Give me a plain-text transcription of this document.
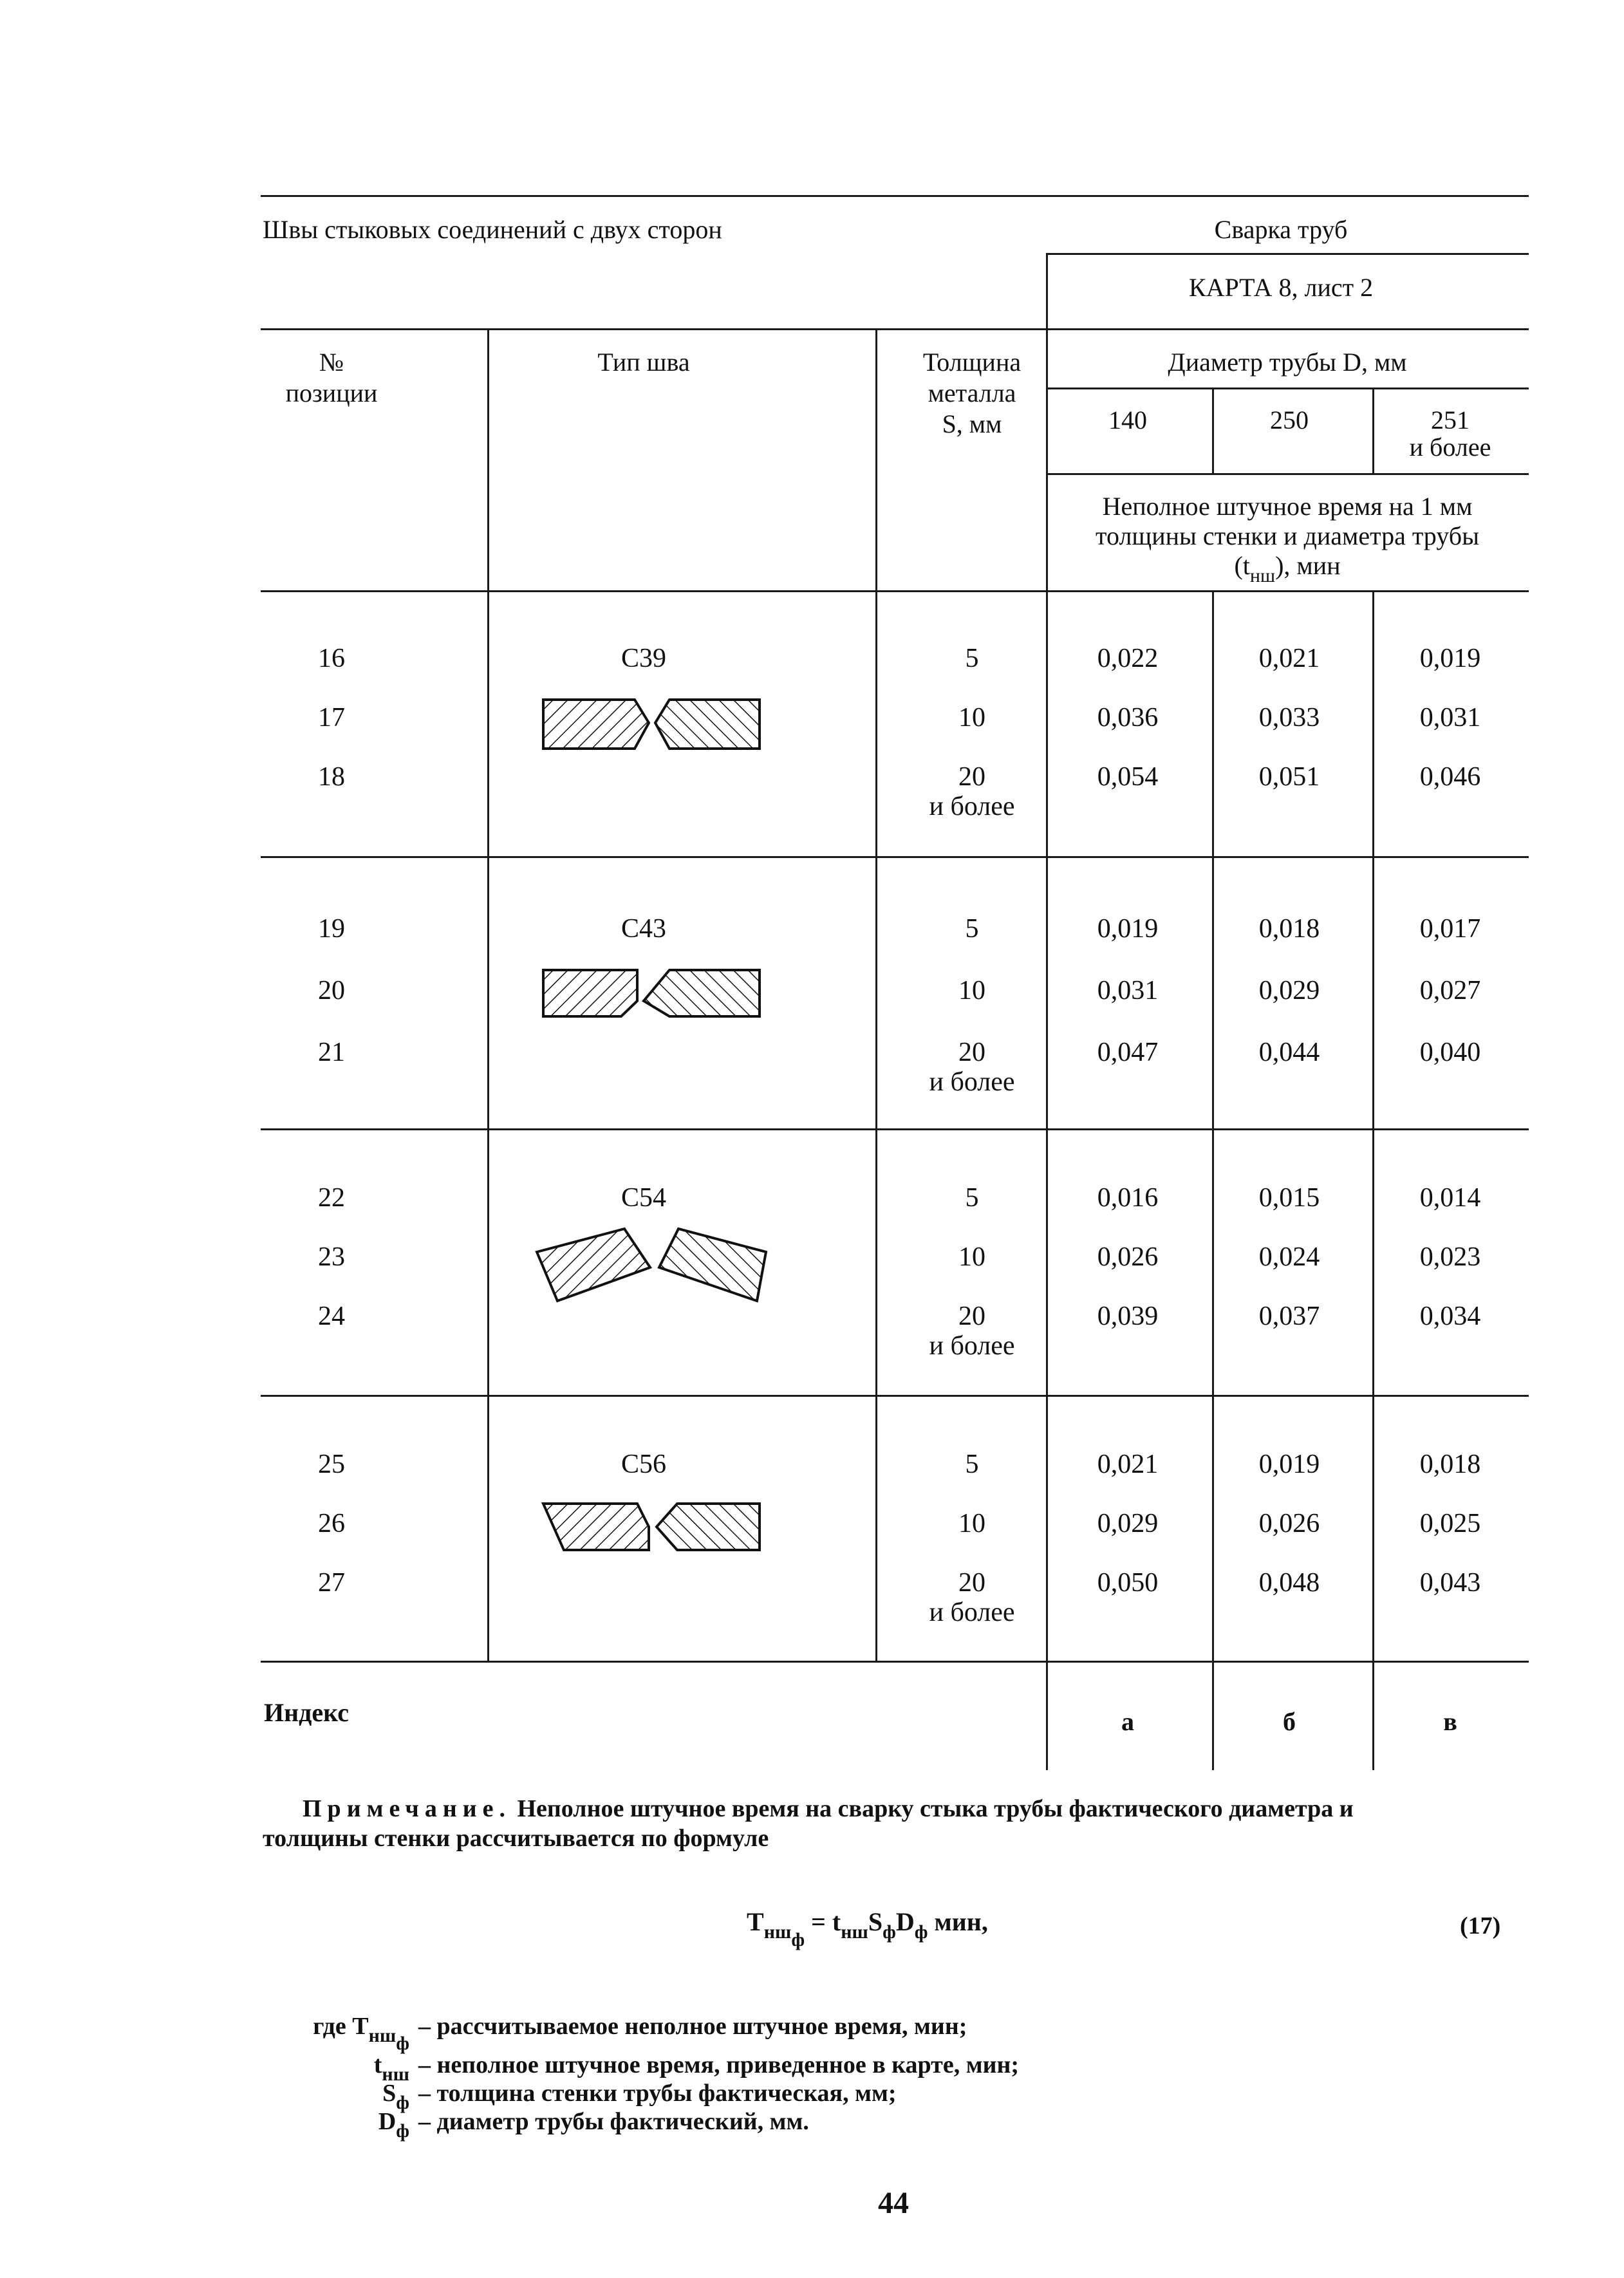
Швы стыковых соединений с двух сторон	Сварка труб
КАРТА 8, лист 2
№
позиции
Тип шва	Толщина
металла
S, мм
Диаметр трубы D, мм
140	250	251
и более
Неполное штучное время на 1 мм
толщины стенки и диаметра трубы
$(t_{нш})$, мин
С39
16	5	0,022	0,021	0,019
17	10	0,036	0,033	0,031
18	20	0,054	0,051	0,046
и более
С43
19	5	0,019	0,018	0,017
20	10	0,031	0,029	0,027
21	20	0,047	0,044	0,040
и более
С54
22	5	0,016	0,015	0,014
23	10	0,026	0,024	0,023
24	20	0,039	0,037	0,034
и более
С56
25	5	0,021	0,019	0,018
26	10	0,029	0,026	0,025
27	20	0,050	0,048	0,043
и более
Индекс	а	б	в
Примечание. Неполное штучное время на сварку стыка трубы фактического диаметра и
толщины стенки рассчитывается по формуле
$T_{нш_ф} = t_{нш}S_фD_ф$ мин,	(17)
где $T_{нш_ф}-$ рассчитываемое неполное штучное время, мин;
$t_{нш}$ – неполное штучное время, приведенное в карте, мин;
$S_ф$ – толщина стенки трубы фактическая, мм;
$D_ф$ – диаметр трубы фактический, мм.
44
